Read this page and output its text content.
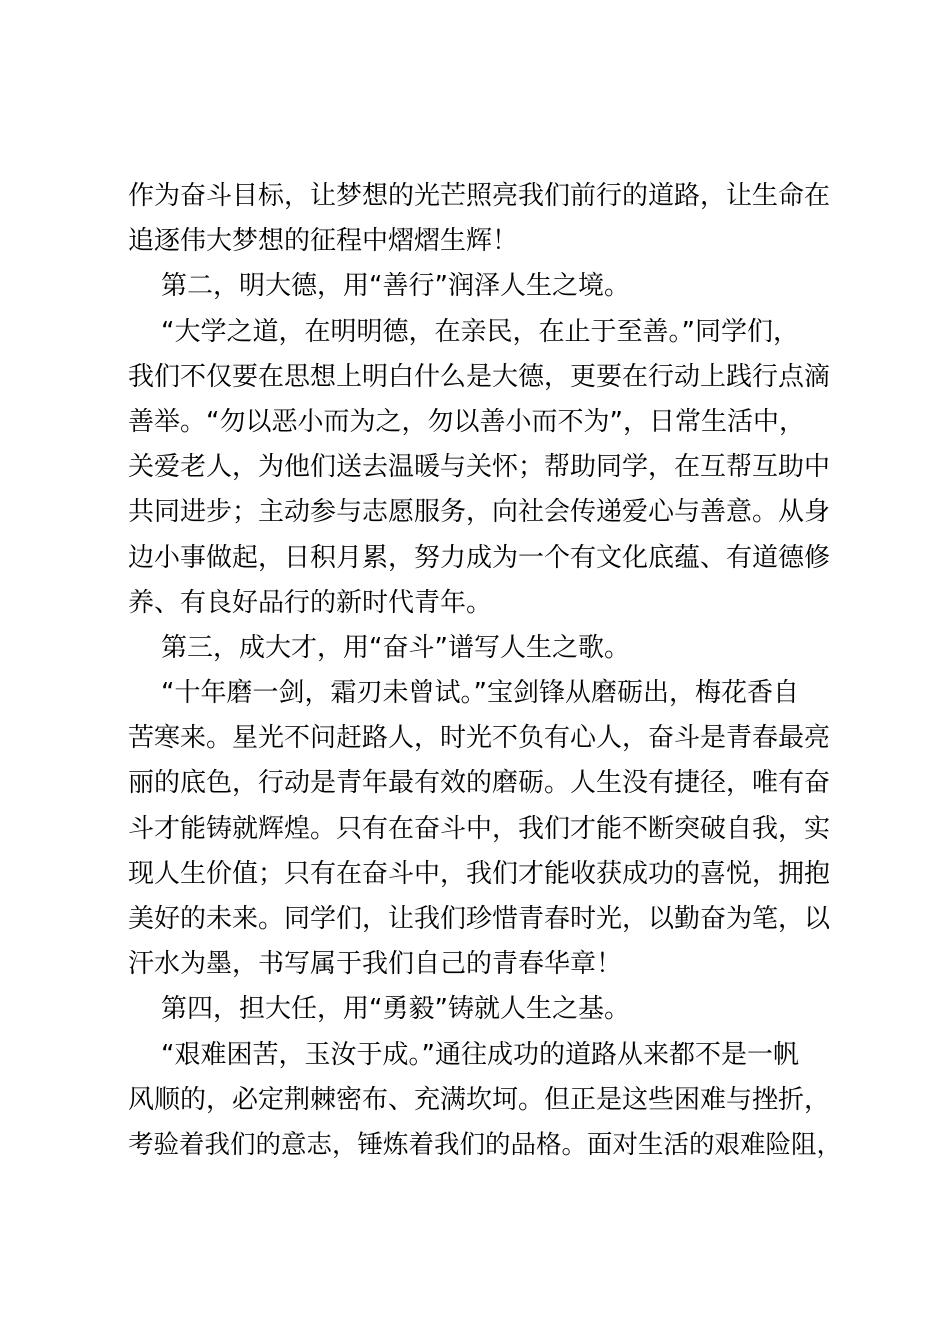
作为奋斗目标，让梦想的光芒照亮我们前行的道路，让生命在
追逐伟大梦想的征程中熠熠生辉！
第二，明大德，用“善行”润泽人生之境。
“大学之道，在明明德，在亲民，在止于至善。”同学们，
我们不仅要在思想上明白什么是大德，更要在行动上践行点滴
善举。“勿以恶小而为之，勿以善小而不为”，日常生活中，
关爱老人，为他们送去温暖与关怀；帮助同学，在互帮互助中
共同进步；主动参与志愿服务，向社会传递爱心与善意。从身
边小事做起，日积月累，努力成为一个有文化底蕴、有道德修
养、有良好品行的新时代青年。
第三，成大才，用“奋斗”谱写人生之歌。
“十年磨一剑，霜刃未曾试。”宝剑锋从磨砺出，梅花香自
苦寒来。星光不问赶路人，时光不负有心人，奋斗是青春最亮
丽的底色，行动是青年最有效的磨砺。人生没有捷径，唯有奋
斗才能铸就辉煌。只有在奋斗中，我们才能不断突破自我，实
现人生价值；只有在奋斗中，我们才能收获成功的喜悦，拥抱
美好的未来。同学们，让我们珍惜青春时光，以勤奋为笔，以
汗水为墨，书写属于我们自己的青春华章！
第四，担大任，用“勇毅”铸就人生之基。
“艰难困苦，玉汝于成。”通往成功的道路从来都不是一帆
风顺的，必定荆棘密布、充满坎坷。但正是这些困难与挫折，
考验着我们的意志，锤炼着我们的品格。面对生活的艰难险阻，
